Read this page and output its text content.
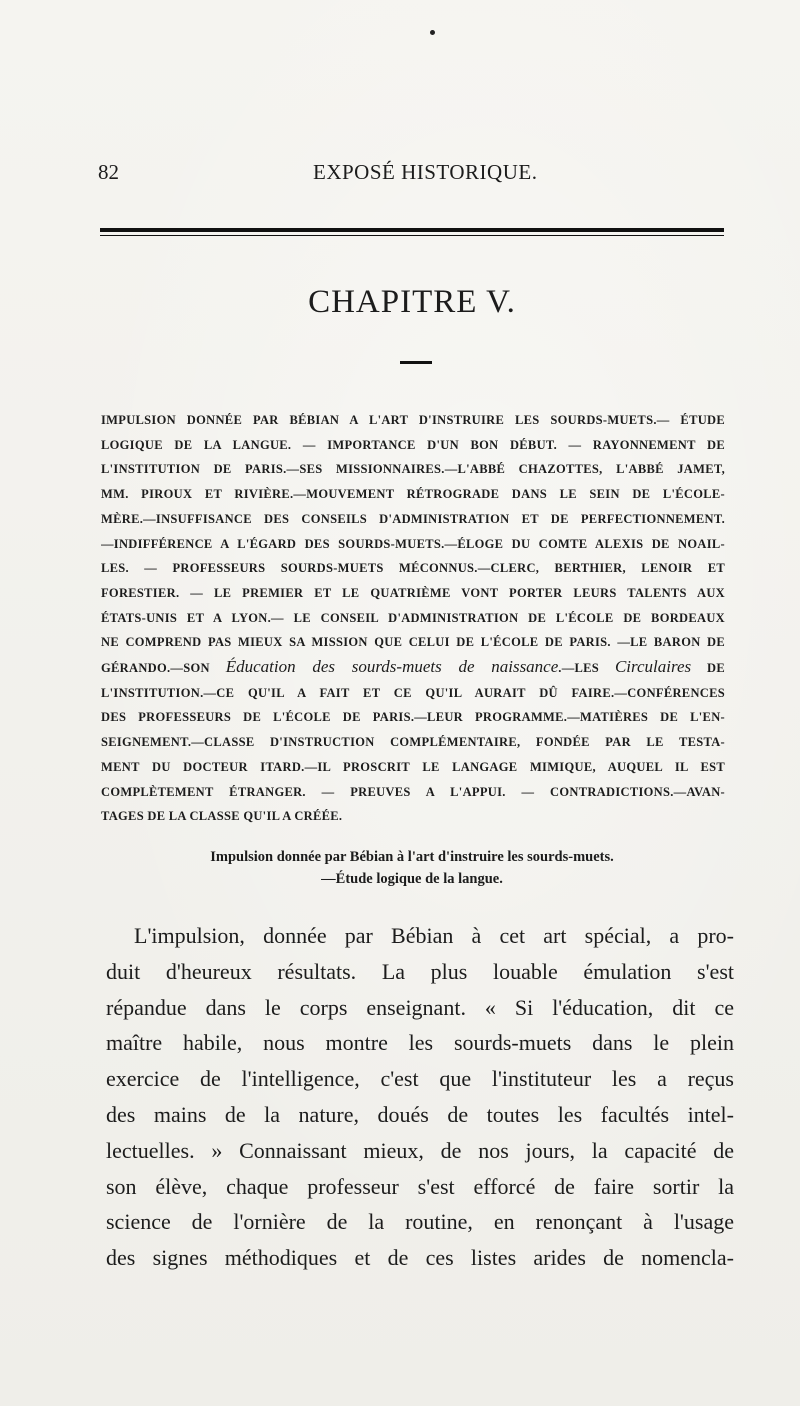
82	EXPOSÉ HISTORIQUE.
CHAPITRE V.
IMPULSION DONNÉE PAR BÉBIAN A L'ART D'INSTRUIRE LES SOURDS-MUETS.— ÉTUDE
LOGIQUE DE LA LANGUE. — IMPORTANCE D'UN BON DÉBUT. — RAYONNEMENT DE
L'INSTITUTION DE PARIS.—SES MISSIONNAIRES.—L'ABBÉ CHAZOTTES, L'ABBÉ JAMET,
MM. PIROUX ET RIVIÈRE.—MOUVEMENT RÉTROGRADE DANS LE SEIN DE L'ÉCOLE-
MÈRE.—INSUFFISANCE DES CONSEILS D'ADMINISTRATION ET DE PERFECTIONNEMENT.
—INDIFFÉRENCE A L'ÉGARD DES SOURDS-MUETS.—ÉLOGE DU COMTE ALEXIS DE NOAIL-
LES. — PROFESSEURS SOURDS-MUETS MÉCONNUS.—CLERC, BERTHIER, LENOIR ET
FORESTIER. — LE PREMIER ET LE QUATRIÈME VONT PORTER LEURS TALENTS AUX
ÉTATS-UNIS ET A LYON.— LE CONSEIL D'ADMINISTRATION DE L'ÉCOLE DE BORDEAUX
NE COMPREND PAS MIEUX SA MISSION QUE CELUI DE L'ÉCOLE DE PARIS. —LE BARON DE
GÉRANDO.—SON Éducation des sourds-muets de naissance.—LES Circulaires DE
L'INSTITUTION.—CE QU'IL A FAIT ET CE QU'IL AURAIT DÛ FAIRE.—CONFÉRENCES
DES PROFESSEURS DE L'ÉCOLE DE PARIS.—LEUR PROGRAMME.—MATIÈRES DE L'EN-
SEIGNEMENT.—CLASSE D'INSTRUCTION COMPLÉMENTAIRE, FONDÉE PAR LE TESTA-
MENT DU DOCTEUR ITARD.—IL PROSCRIT LE LANGAGE MIMIQUE, AUQUEL IL EST
COMPLÈTEMENT ÉTRANGER. — PREUVES A L'APPUI. — CONTRADICTIONS.—AVAN-
TAGES DE LA CLASSE QU'IL A CRÉÉE.
Impulsion donnée par Bébian à l'art d'instruire les sourds-muets.
—Étude logique de la langue.
L'impulsion, donnée par Bébian à cet art spécial, a pro-
duit d'heureux résultats. La plus louable émulation s'est
répandue dans le corps enseignant. « Si l'éducation, dit ce
maître habile, nous montre les sourds-muets dans le plein
exercice de l'intelligence, c'est que l'instituteur les a reçus
des mains de la nature, doués de toutes les facultés intel-
lectuelles. » Connaissant mieux, de nos jours, la capacité de
son élève, chaque professeur s'est efforcé de faire sortir la
science de l'ornière de la routine, en renonçant à l'usage
des signes méthodiques et de ces listes arides de nomencla-
